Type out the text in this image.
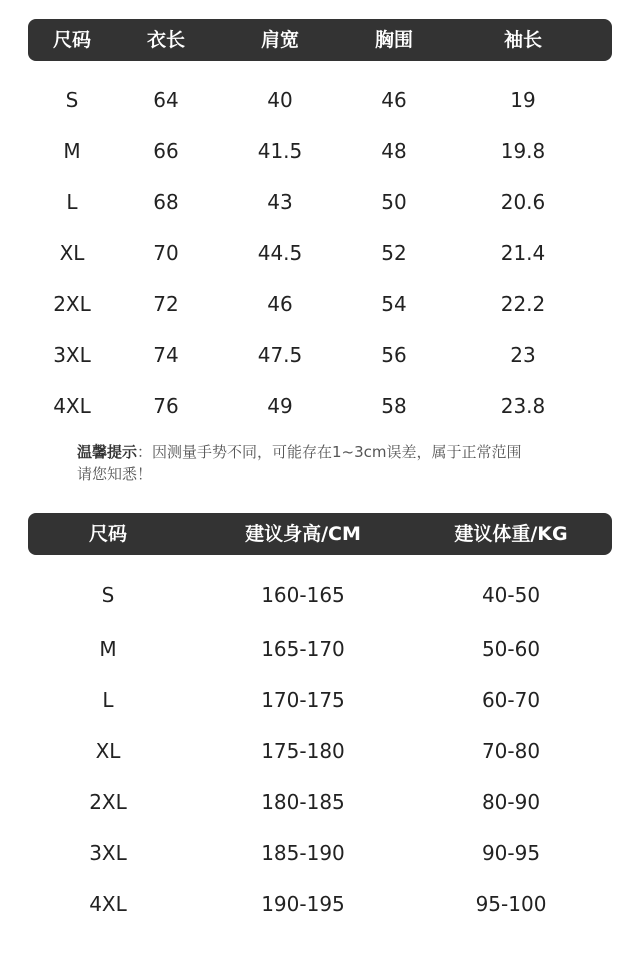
尺码	衣长	肩宽	胸围	袖长
S	64	40	46	19
M	66	41.5	48	19.8
L	68	43	50	20.6
XL	70	44.5	52	21.4
2XL	72	46	54	22.2
3XL	74	47.5	56	23
4XL	76	49	58	23.8
温馨提示：因测量手势不同，可能存在1~3cm误差，属于正常范围
请您知悉！
尺码	建议身高/CM	建议体重/KG
S	160-165	40-50
M	165-170	50-60
L	170-175	60-70
XL	175-180	70-80
2XL	180-185	80-90
3XL	185-190	90-95
4XL	190-195	95-100
